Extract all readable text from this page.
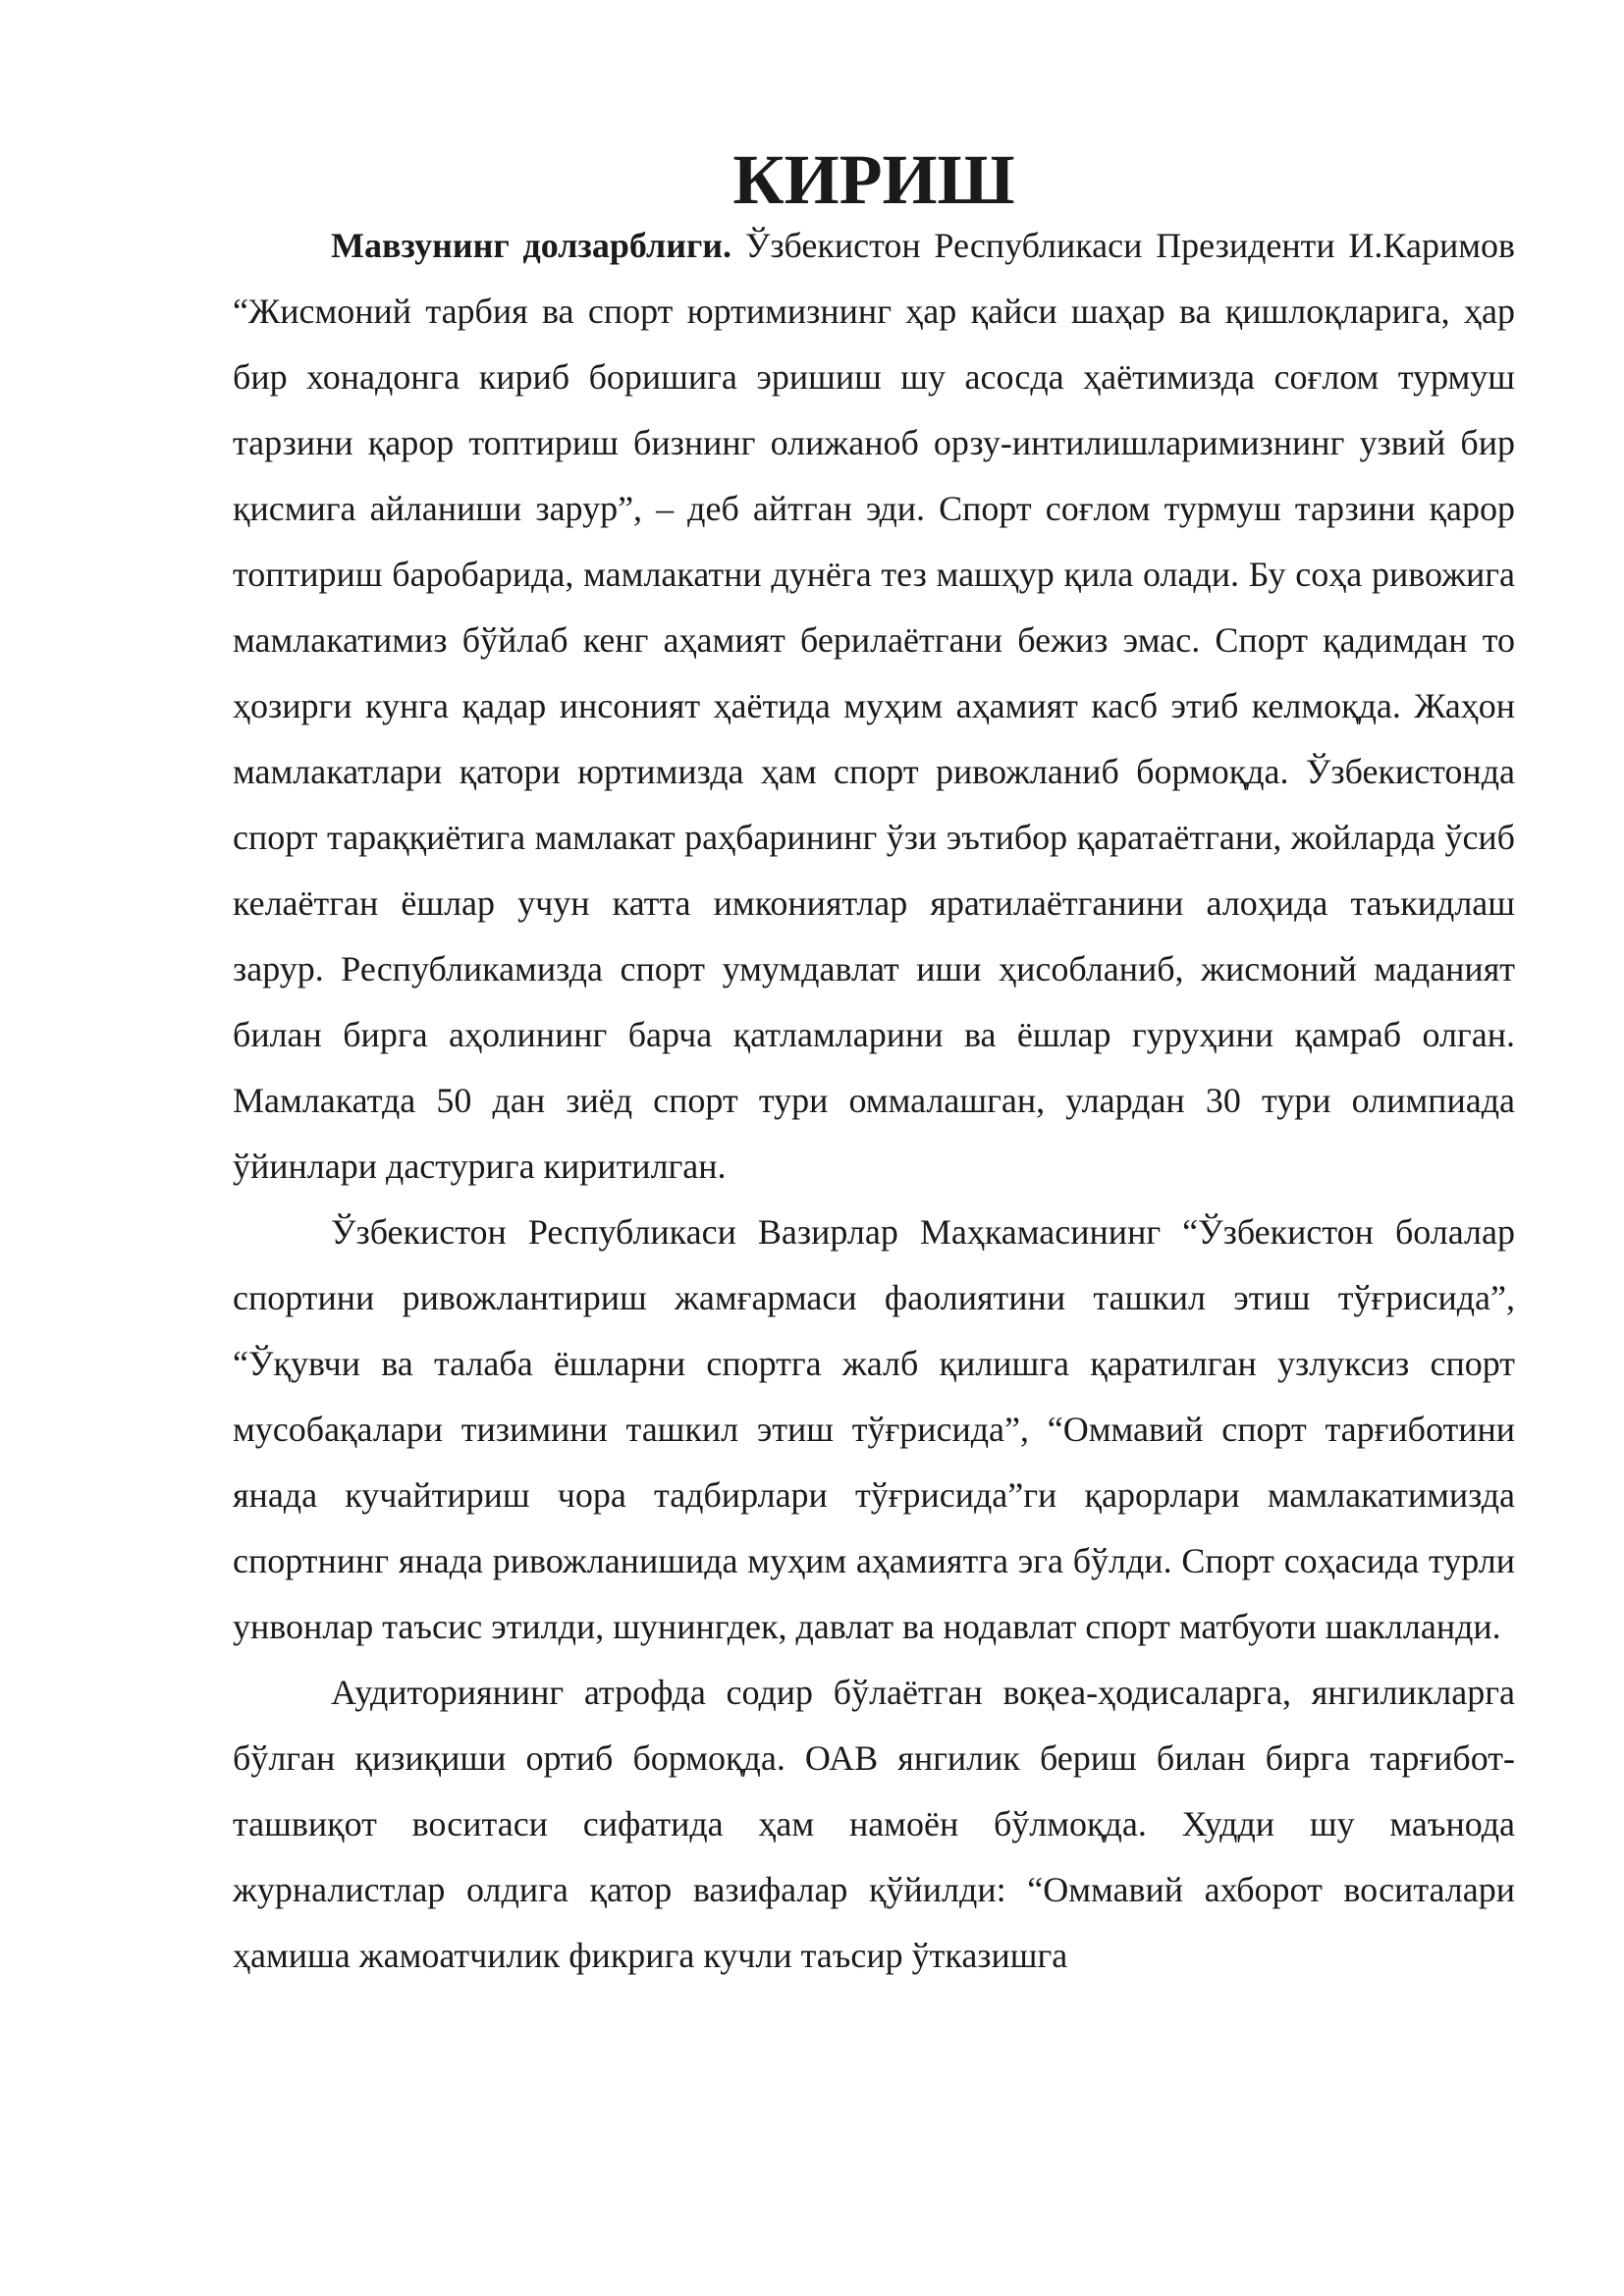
КИРИШ

Мавзунинг долзарблиги. Ўзбекистон Республикаси Президенти И.Каримов “Жисмоний тарбия ва спорт юртимизнинг ҳар қайси шаҳар ва қишлоқларига, ҳар бир хонадонга кириб боришига эришиш шу асосда ҳаётимизда соғлом турмуш тарзини қарор топтириш бизнинг олижаноб орзу-интилишларимизнинг узвий бир қисмига айланиши зарур”, – деб айтган эди. Спорт соғлом турмуш тарзини қарор топтириш баробарида, мамлакатни дунёга тез машҳур қила олади. Бу соҳа ривожига мамлакатимиз бўйлаб кенг аҳамият берилаётгани бежиз эмас. Спорт қадимдан то ҳозирги кунга қадар инсоният ҳаётида муҳим аҳамият касб этиб келмоқда. Жаҳон мамлакатлари қатори юртимизда ҳам спорт ривожланиб бормоқда. Ўзбекистонда спорт тараққиётига мамлакат раҳбарининг ўзи эътибор қаратаётгани, жойларда ўсиб келаётган ёшлар учун катта имкониятлар яратилаётганини алоҳида таъкидлаш зарур. Республикамизда спорт умумдавлат иши ҳисобланиб, жисмоний маданият билан бирга аҳолининг барча қатламларини ва ёшлар гуруҳини қамраб олган. Мамлакатда 50 дан зиёд спорт тури оммалашган, улардан 30 тури олимпиада ўйинлари дастурига киритилган.

Ўзбекистон Республикаси Вазирлар Маҳкамасининг “Ўзбекистон болалар спортини ривожлантириш жамғармаси фаолиятини ташкил этиш тўғрисида”, “Ўқувчи ва талаба ёшларни спортга жалб қилишга қаратилган узлуксиз спорт мусобақалари тизимини ташкил этиш тўғрисида”, “Оммавий спорт тарғиботини янада кучайтириш чора тадбирлари тўғрисида”ги қарорлари мамлакатимизда спортнинг янада ривожланишида муҳим аҳамиятга эга бўлди. Спорт соҳасида турли унвонлар таъсис этилди, шунингдек, давлат ва нодавлат спорт матбуоти шаклланди.

Аудиториянинг атрофда содир бўлаётган воқеа-ҳодисаларга, янгиликларга бўлган қизиқиши ортиб бормоқда. ОАВ янгилик бериш билан бирга тарғибот-ташвиқот воситаси сифатида ҳам намоён бўлмоқда. Худди шу маънода журналистлар олдига қатор вазифалар қўйилди: “Оммавий ахборот воситалари ҳамиша жамоатчилик фикрига кучли таъсир ўтказишга
